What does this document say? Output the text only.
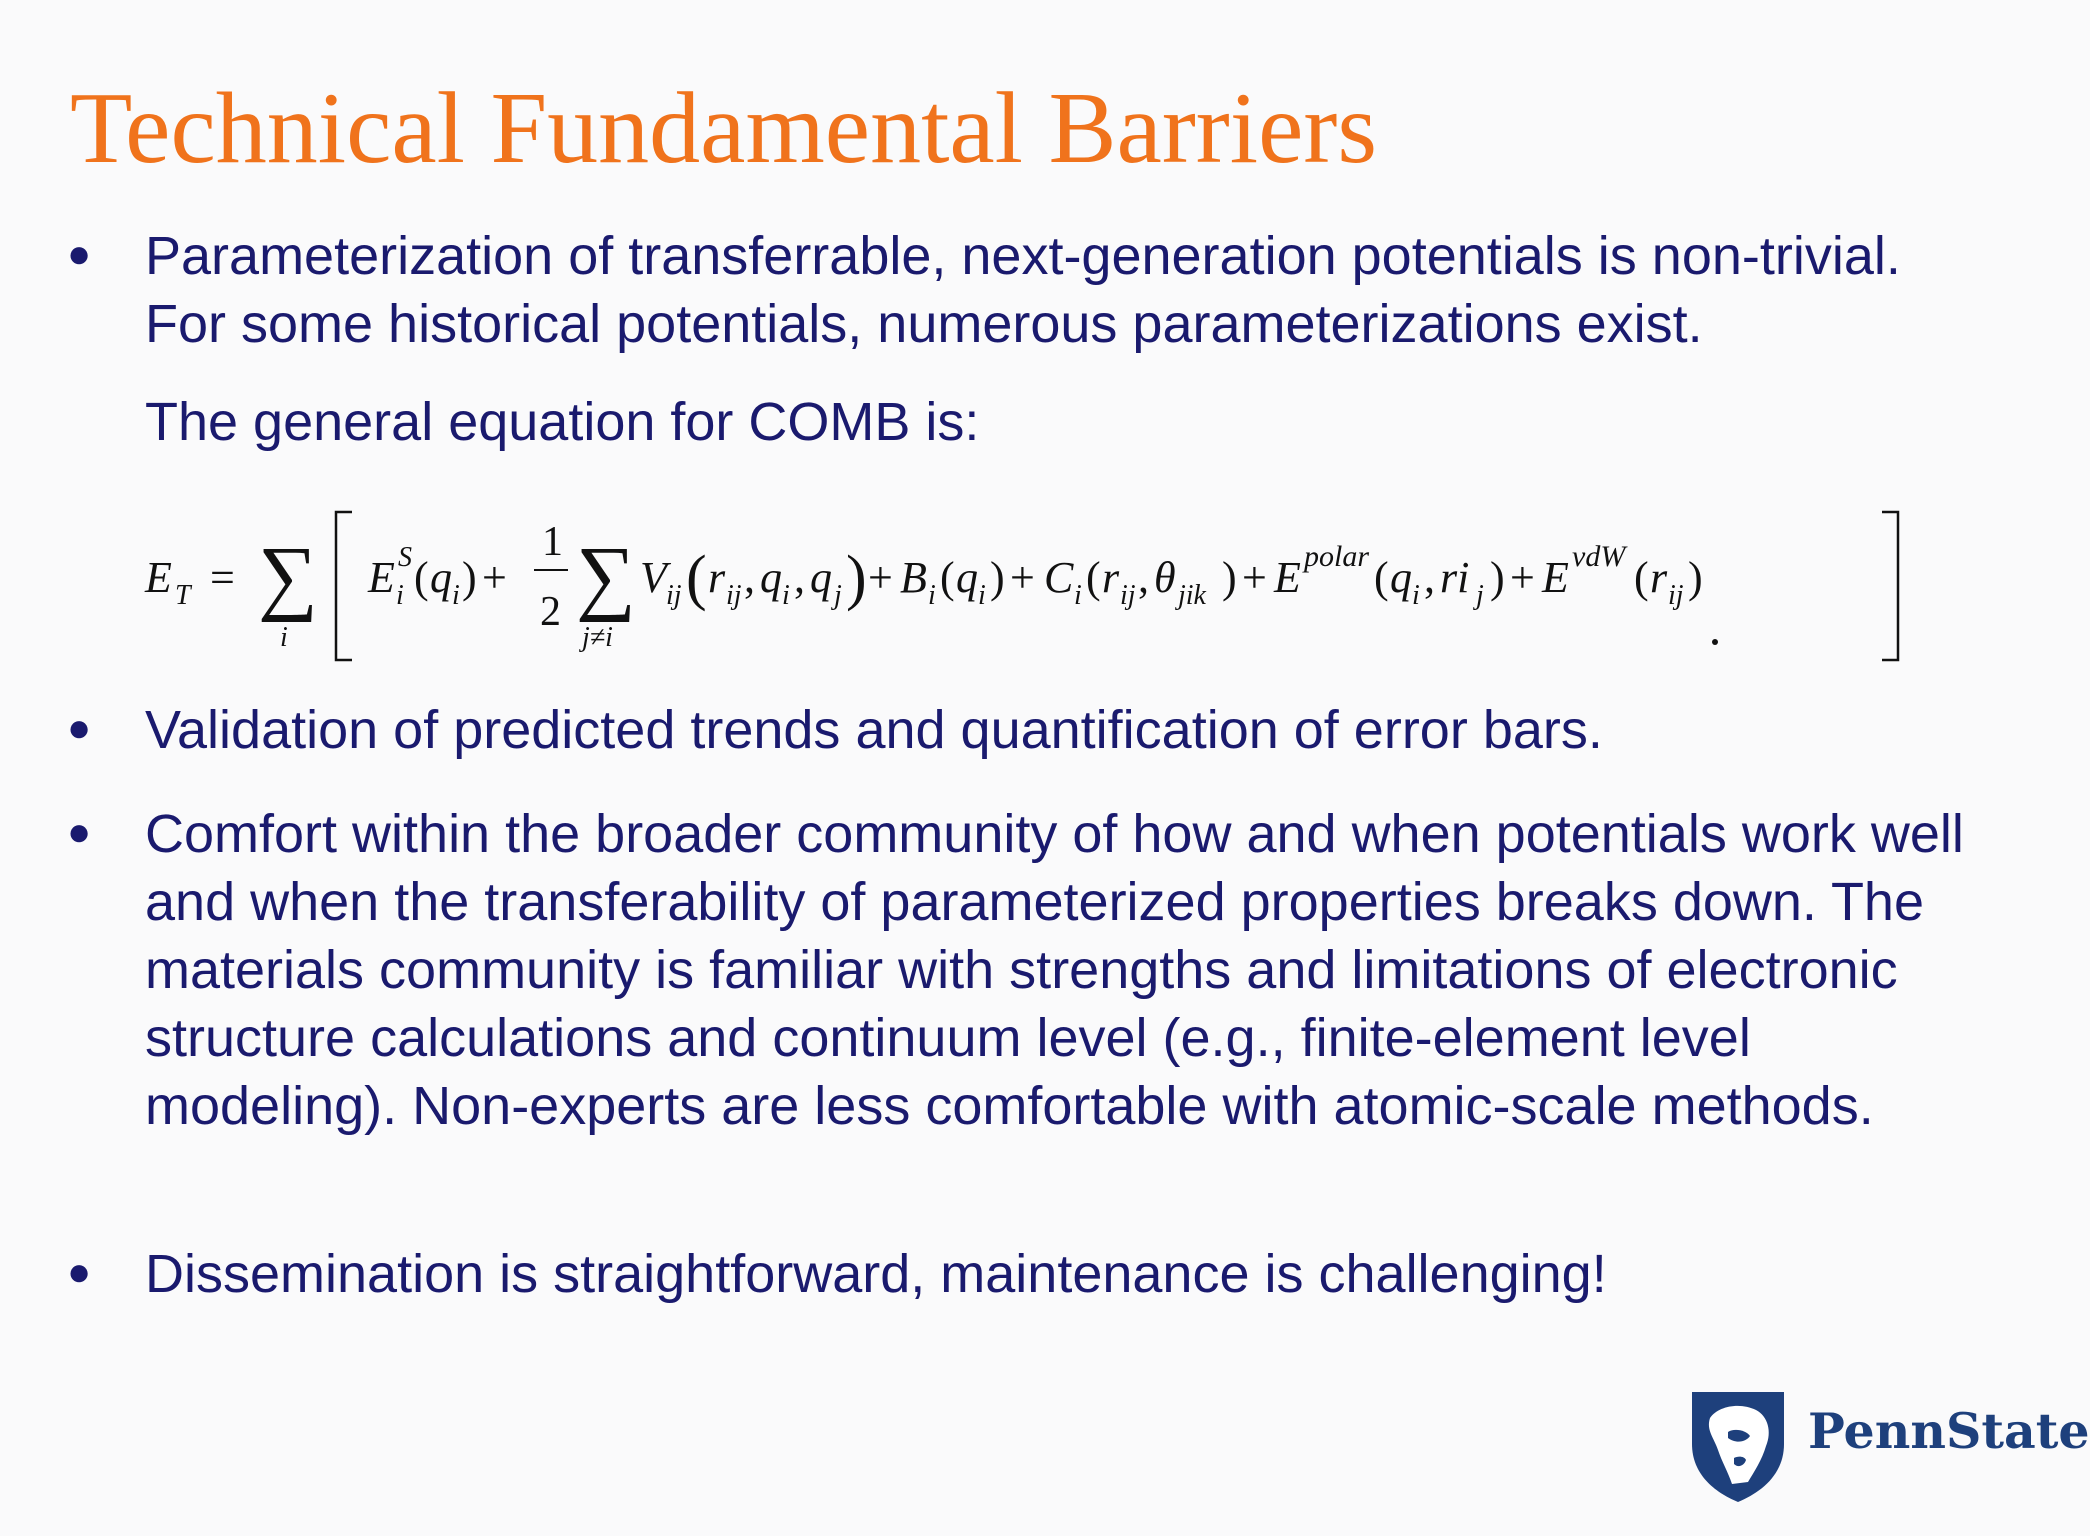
Technical Fundamental Barriers
● Parameterization of transferrable, next-generation potentials is non-trivial. For some historical potentials, numerous parameterizations exist.
The general equation for COMB is:
E T = ∑
i
E S
i ( q i ) +
1
2 ∑
j≠i
V ij ( r ij , q i , q j ) + B i ( q i ) + C i ( r ij , θ jik ) + E polar ( q i , ri j ) + E vdW ( r ij )
● Validation of predicted trends and quantification of error bars.
● Comfort within the broader community of how and when potentials work well and when the transferability of parameterized properties breaks down. The materials community is familiar with strengths and limitations of electronic structure calculations and continuum level (e.g., finite-element level modeling). Non-experts are less comfortable with atomic-scale methods.
● Dissemination is straightforward, maintenance is challenging!
PennState
